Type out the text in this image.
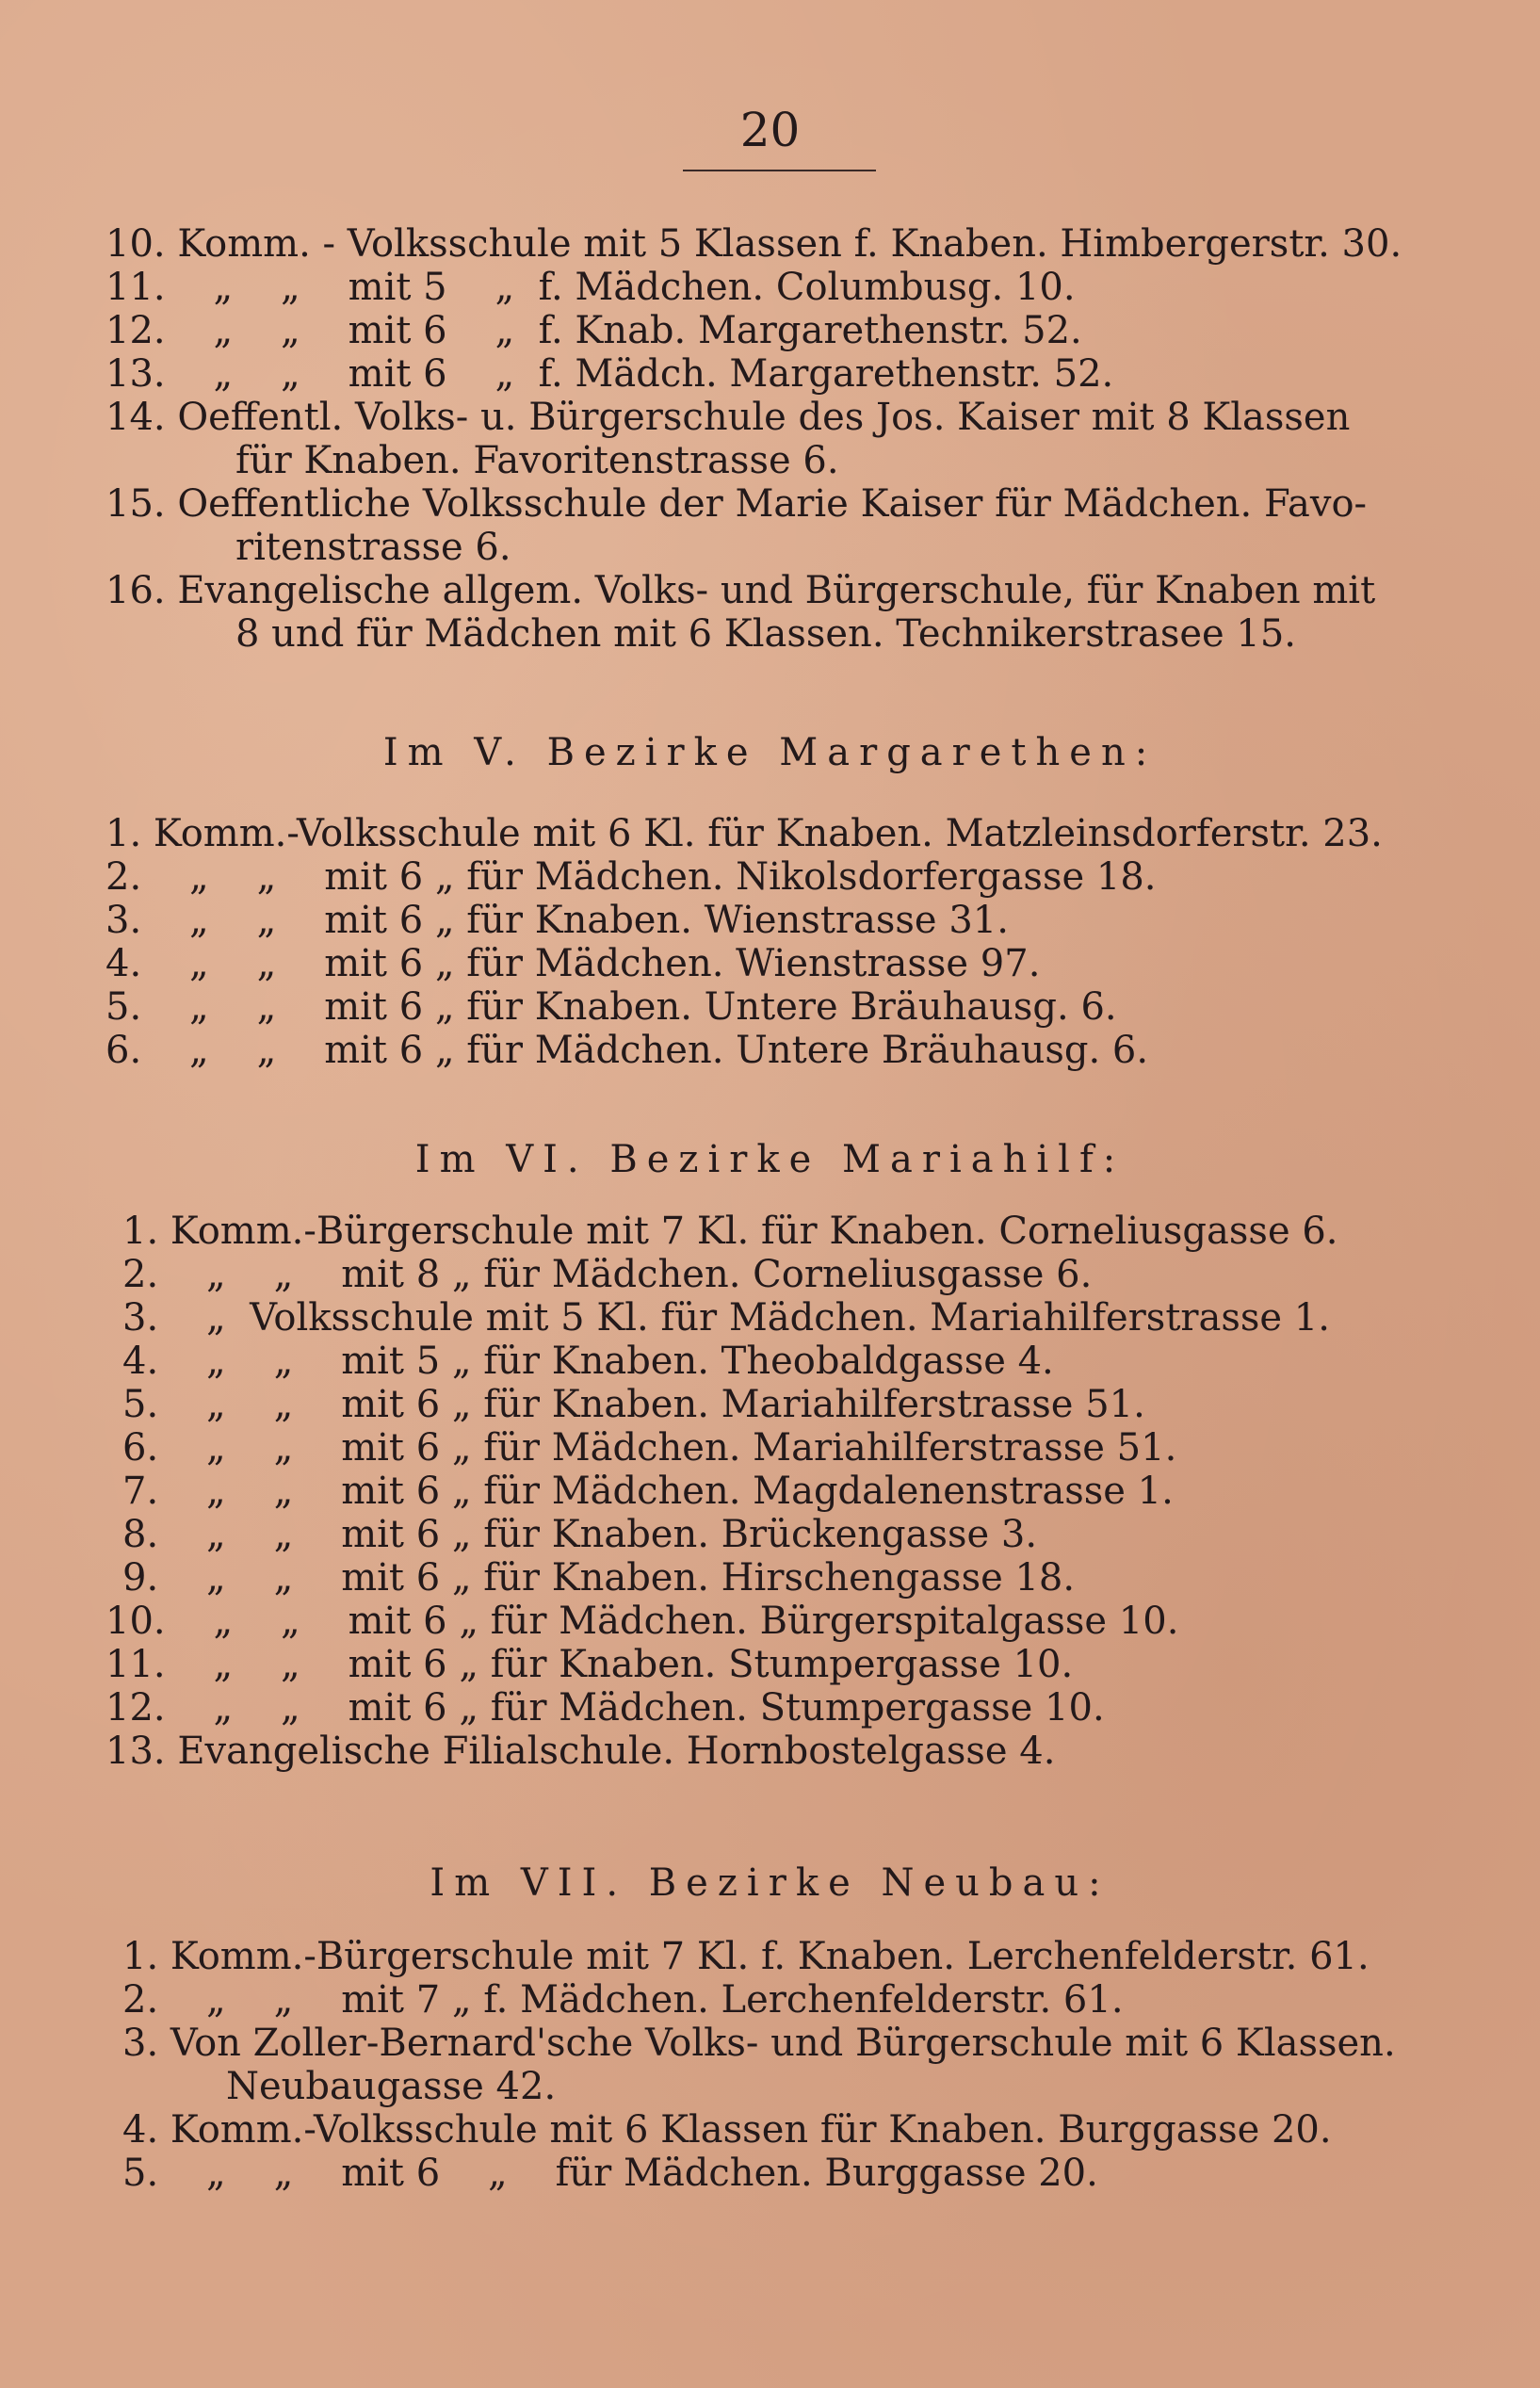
20
10. Komm. - Volksschule mit 5 Klassen f. Knaben. Himbergerstr. 30.
11.    „    „    mit 5    „  f. Mädchen. Columbusg. 10.
12.    „    „    mit 6    „  f. Knab. Margarethenstr. 52.
13.    „    „    mit 6    „  f. Mädch. Margarethenstr. 52.
14. Oeffentl. Volks- u. Bürgerschule des Jos. Kaiser mit 8 Klassen
für Knaben. Favoritenstrasse 6.
15. Oeffentliche Volksschule der Marie Kaiser für Mädchen. Favo-
ritenstrasse 6.
16. Evangelische allgem. Volks- und Bürgerschule, für Knaben mit
8 und für Mädchen mit 6 Klassen. Technikerstrasee 15.
Im V. Bezirke Margarethen:
1. Komm.-Volksschule mit 6 Kl. für Knaben. Matzleinsdorferstr. 23.
2.    „    „    mit 6 „ für Mädchen. Nikolsdorfergasse 18.
3.    „    „    mit 6 „ für Knaben. Wienstrasse 31.
4.    „    „    mit 6 „ für Mädchen. Wienstrasse 97.
5.    „    „    mit 6 „ für Knaben. Untere Bräuhausg. 6.
6.    „    „    mit 6 „ für Mädchen. Untere Bräuhausg. 6.
Im VI. Bezirke Mariahilf:
1. Komm.-Bürgerschule mit 7 Kl. für Knaben. Corneliusgasse 6.
2.    „    „    mit 8 „ für Mädchen. Corneliusgasse 6.
3.    „  Volksschule mit 5 Kl. für Mädchen. Mariahilferstrasse 1.
4.    „    „    mit 5 „ für Knaben. Theobaldgasse 4.
5.    „    „    mit 6 „ für Knaben. Mariahilferstrasse 51.
6.    „    „    mit 6 „ für Mädchen. Mariahilferstrasse 51.
7.    „    „    mit 6 „ für Mädchen. Magdalenenstrasse 1.
8.    „    „    mit 6 „ für Knaben. Brückengasse 3.
9.    „    „    mit 6 „ für Knaben. Hirschengasse 18.
10.    „    „    mit 6 „ für Mädchen. Bürgerspitalgasse 10.
11.    „    „    mit 6 „ für Knaben. Stumpergasse 10.
12.    „    „    mit 6 „ für Mädchen. Stumpergasse 10.
13. Evangelische Filialschule. Hornbostelgasse 4.
Im VII. Bezirke Neubau:
1. Komm.-Bürgerschule mit 7 Kl. f. Knaben. Lerchenfelderstr. 61.
2.    „    „    mit 7 „ f. Mädchen. Lerchenfelderstr. 61.
3. Von Zoller-Bernard'sche Volks- und Bürgerschule mit 6 Klassen.
Neubaugasse 42.
4. Komm.-Volksschule mit 6 Klassen für Knaben. Burggasse 20.
5.    „    „    mit 6    „    für Mädchen. Burggasse 20.
